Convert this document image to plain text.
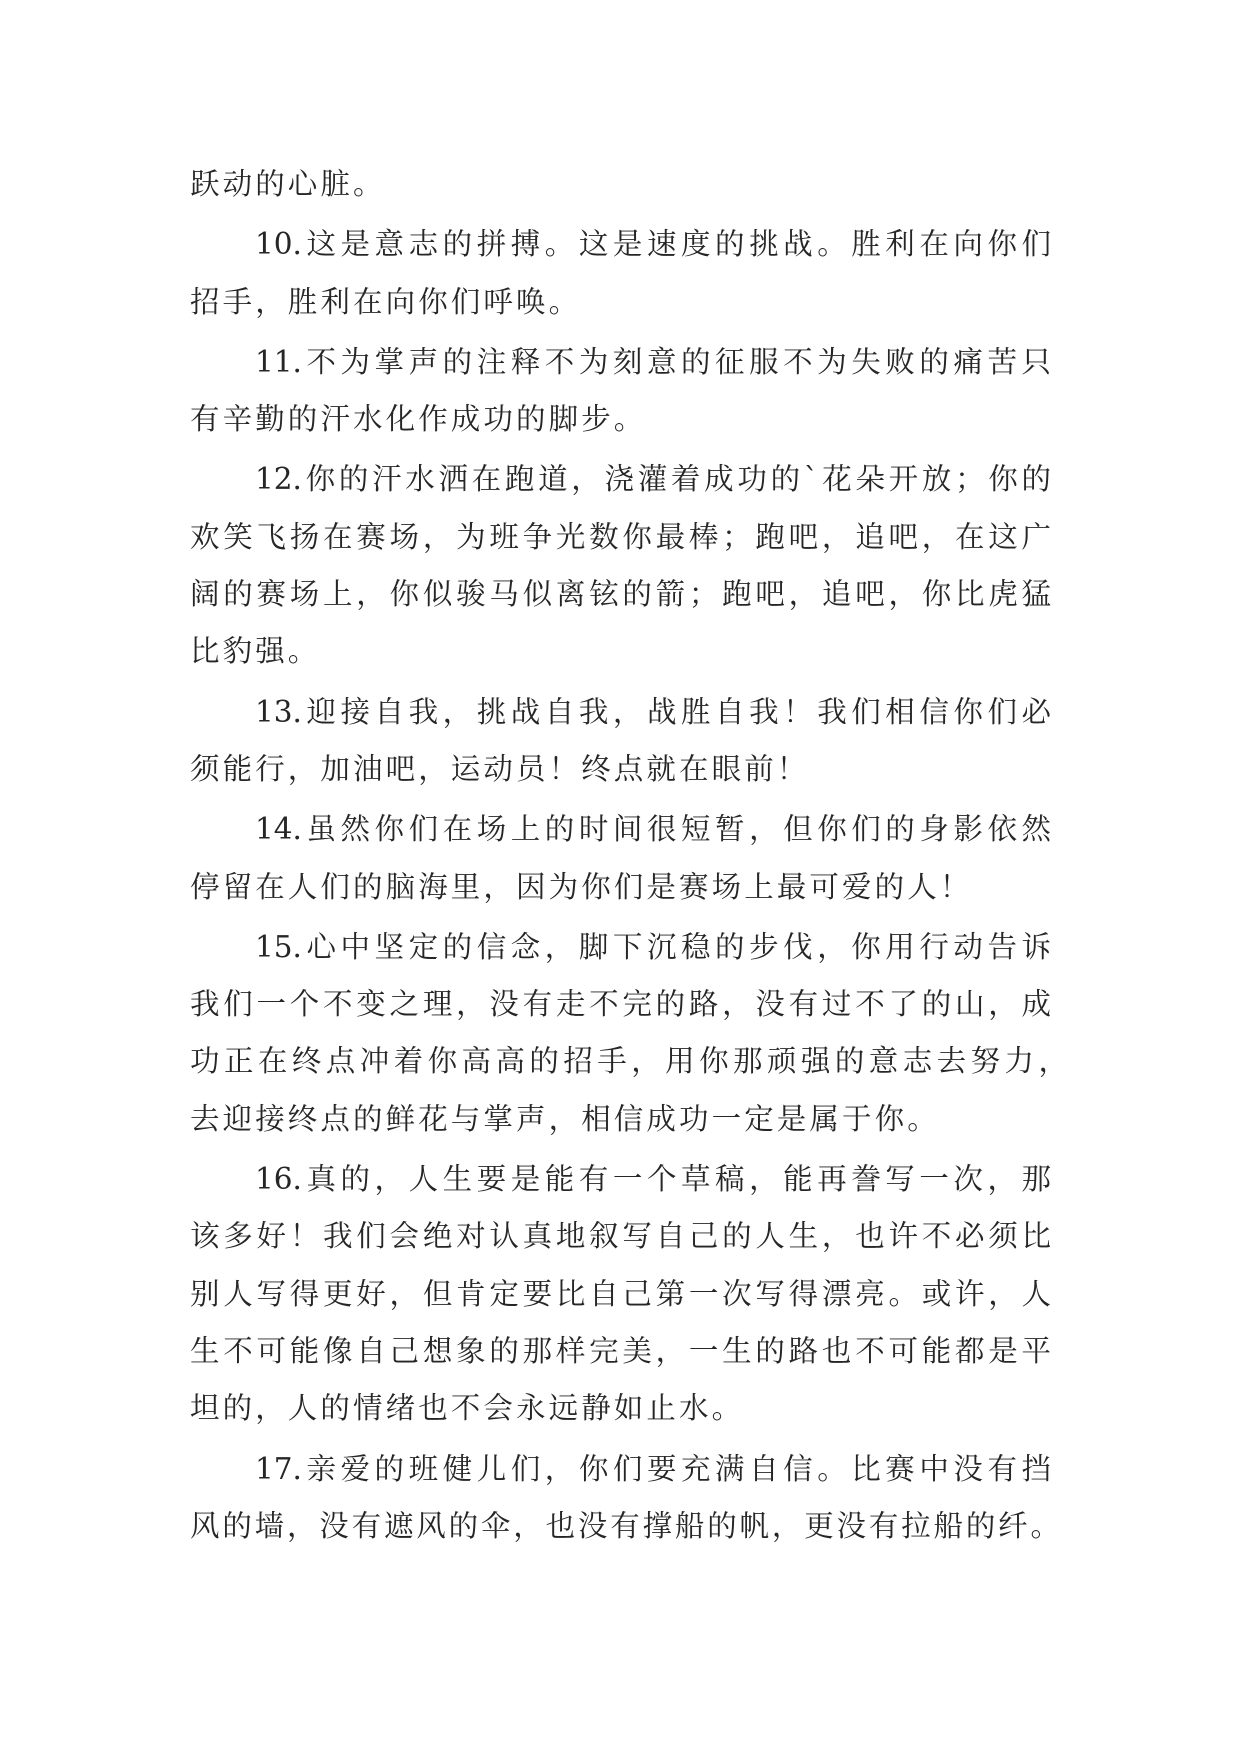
跃动的心脏。
10.这是意志的拼搏。这是速度的挑战。胜利在向你们
招手，胜利在向你们呼唤。
11.不为掌声的注释不为刻意的征服不为失败的痛苦只
有辛勤的汗水化作成功的脚步。
12.你的汗水洒在跑道，浇灌着成功的`花朵开放；你的
欢笑飞扬在赛场，为班争光数你最棒；跑吧，追吧，在这广
阔的赛场上，你似骏马似离铉的箭；跑吧，追吧，你比虎猛
比豹强。
13.迎接自我，挑战自我，战胜自我！我们相信你们必
须能行，加油吧，运动员！终点就在眼前！
14.虽然你们在场上的时间很短暂，但你们的身影依然
停留在人们的脑海里，因为你们是赛场上最可爱的人！
15.心中坚定的信念，脚下沉稳的步伐，你用行动告诉
我们一个不变之理，没有走不完的路，没有过不了的山，成
功正在终点冲着你高高的招手，用你那顽强的意志去努力，
去迎接终点的鲜花与掌声，相信成功一定是属于你。
16.真的，人生要是能有一个草稿，能再誊写一次，那
该多好！我们会绝对认真地叙写自己的人生，也许不必须比
别人写得更好，但肯定要比自己第一次写得漂亮。或许，人
生不可能像自己想象的那样完美，一生的路也不可能都是平
坦的，人的情绪也不会永远静如止水。
17.亲爱的班健儿们，你们要充满自信。比赛中没有挡
风的墙，没有遮风的伞，也没有撑船的帆，更没有拉船的纤。
